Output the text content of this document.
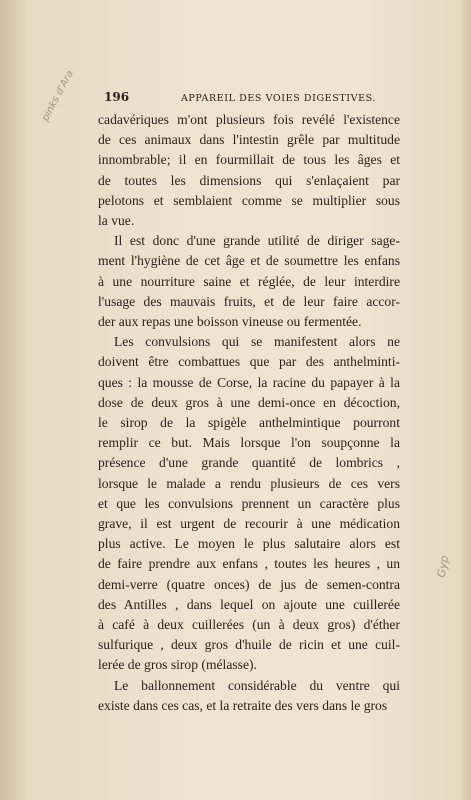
196	APPAREIL DES VOIES DIGESTIVES.
pinks d'Ara
Gyp
cadavériques m'ont plusieurs fois revélé l'existence
de ces animaux dans l'intestin grêle par multitude
innombrable; il en fourmillait de tous les âges et
de toutes les dimensions qui s'enlaçaient par
pelotons et semblaient comme se multiplier sous
la vue.
Il est donc d'une grande utilité de diriger sage-
ment l'hygiène de cet âge et de soumettre les enfans
à une nourriture saine et réglée, de leur interdire
l'usage des mauvais fruits, et de leur faire accor-
der aux repas une boisson vineuse ou fermentée.
Les convulsions qui se manifestent alors ne
doivent être combattues que par des anthelminti-
ques : la mousse de Corse, la racine du papayer à la
dose de deux gros à une demi-once en décoction,
le sirop de la spigèle anthelmintique pourront
remplir ce but. Mais lorsque l'on soupçonne la
présence d'une grande quantité de lombrics ,
lorsque le malade a rendu plusieurs de ces vers
et que les convulsions prennent un caractère plus
grave, il est urgent de recourir à une médication
plus active. Le moyen le plus salutaire alors est
de faire prendre aux enfans , toutes les heures , un
demi-verre (quatre onces) de jus de semen-contra
des Antilles , dans lequel on ajoute une cuillerée
à café à deux cuillerées (un à deux gros) d'éther
sulfurique , deux gros d'huile de ricin et une cuil-
lerée de gros sirop (mélasse).
Le ballonnement considérable du ventre qui
existe dans ces cas, et la retraite des vers dans le gros
